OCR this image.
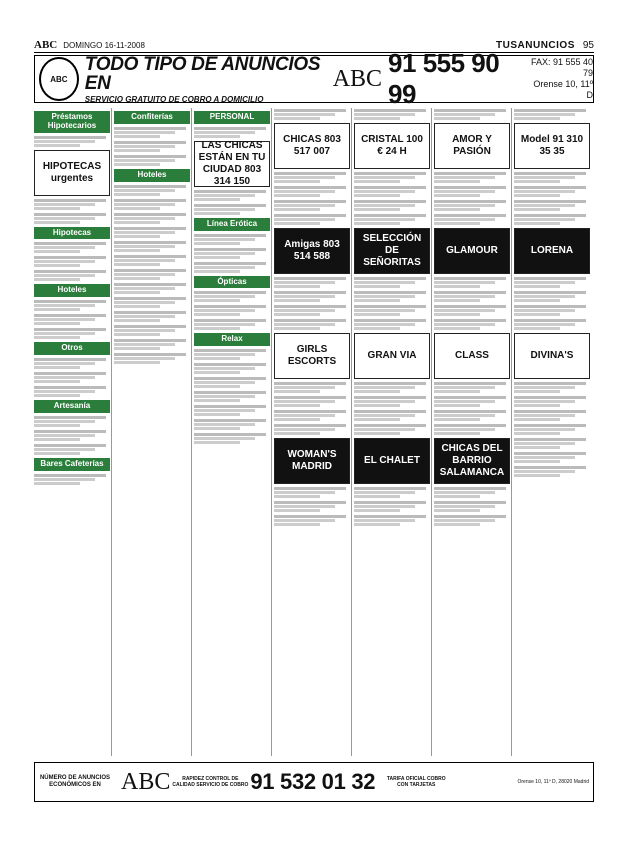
ABC DOMINGO 16-11-2008	TUSANUNCIOS 95
ABC
TODO TIPO DE ANUNCIOS EN
SERVICIO GRATUITO DE COBRO A DOMICILIO
ABC
91 555 90 99
FAX: 91 555 40 79
Orense 10, 11º D
Préstamos Hipotecarios
HIPOTECAS urgentes
Hipotecas
Hoteles
Otros
Artesanía
Bares Cafeterías
Confiterías
Hoteles
PERSONAL
LAS CHICAS ESTÁN EN TU CIUDAD 803 314 150
Línea Erótica
Ópticas
Relax
CHICAS 803 517 007
Amigas 803 514 588
GIRLS ESCORTS
WOMAN'S MADRID
CRISTAL 100 € 24 H
SELECCIÓN DE SEÑORITAS
GRAN VIA
EL CHALET
AMOR Y PASIÓN
GLAMOUR
CLASS
CHICAS DEL BARRIO SALAMANCA
Model 91 310 35 35
LORENA
DIVINA'S
NÚMERO DE ANUNCIOS ECONÓMICOS EN ABC	RAPIDEZ CONTROL DE CALIDAD SERVICIO DE COBRO 91 532 01 32	TARIFA OFICIAL COBRO CON TARJETAS
Orense 10, 11º D, 28020 Madrid
